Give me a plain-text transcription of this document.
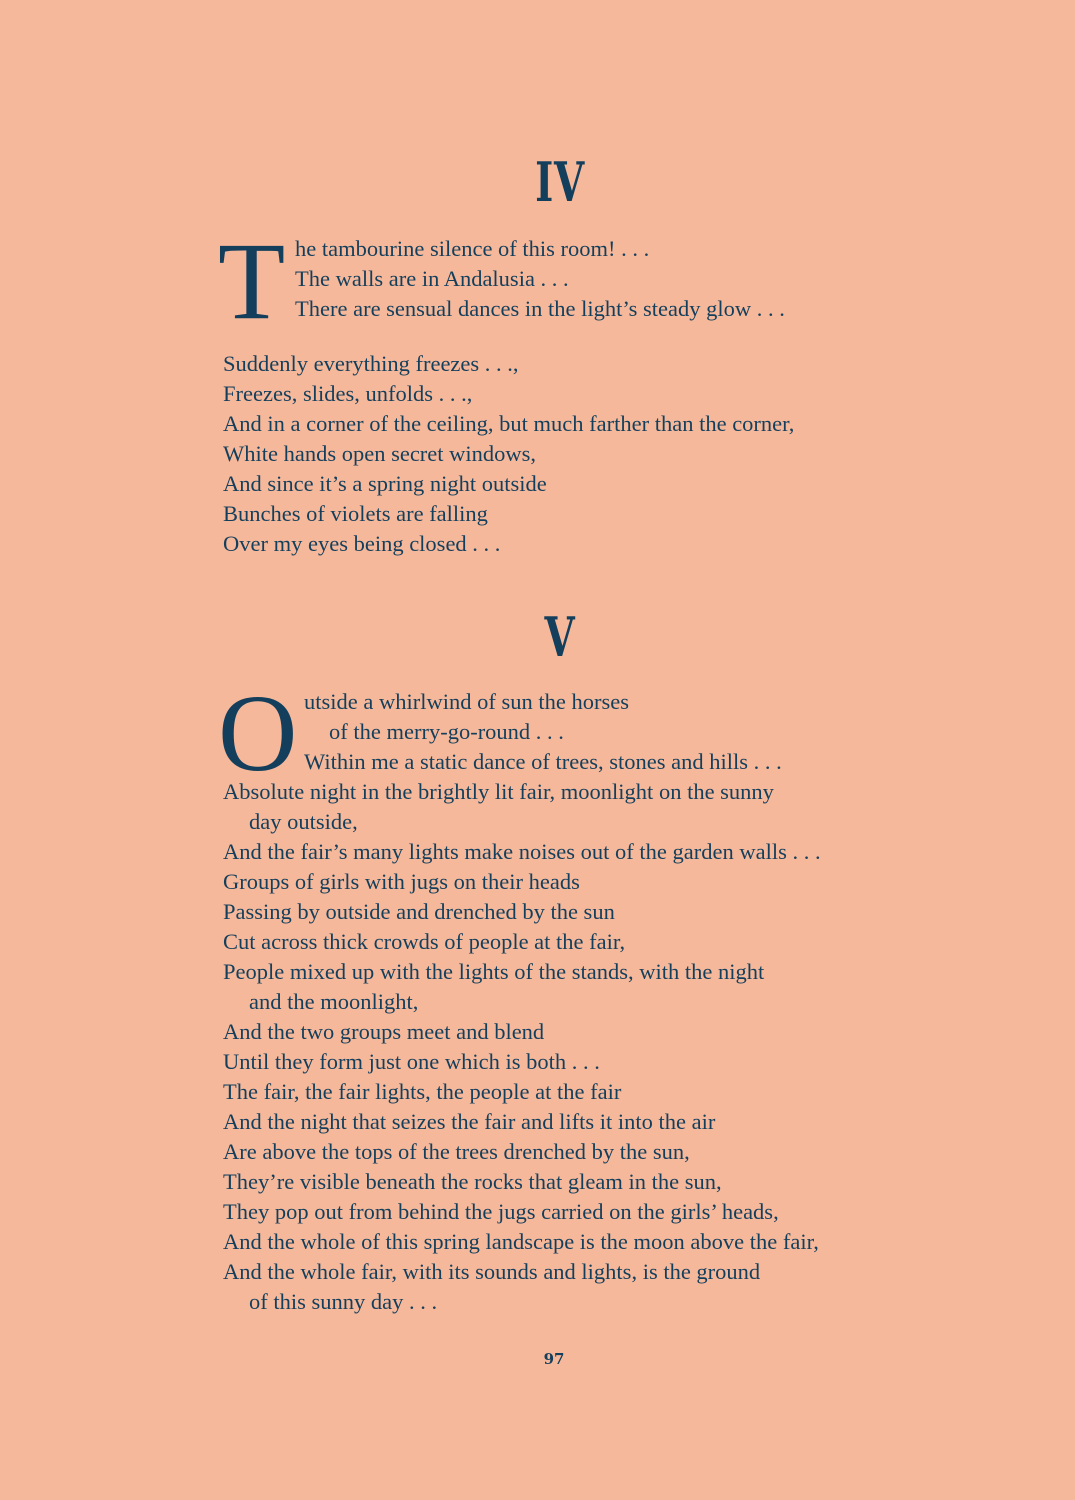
IV
T he tambourine silence of this room! . . .
The walls are in Andalusia . . .
There are sensual dances in the light’s steady glow . . .
Suddenly everything freezes . . .,
Freezes, slides, unfolds . . .,
And in a corner of the ceiling, but much farther than the corner,
White hands open secret windows,
And since it’s a spring night outside
Bunches of violets are falling
Over my eyes being closed . . .
V
O utside a whirlwind of sun the horses
of the merry-go-round . . .
Within me a static dance of trees, stones and hills . . .
Absolute night in the brightly lit fair, moonlight on the sunny
day outside,
And the fair’s many lights make noises out of the garden walls . . .
Groups of girls with jugs on their heads
Passing by outside and drenched by the sun
Cut across thick crowds of people at the fair,
People mixed up with the lights of the stands, with the night
and the moonlight,
And the two groups meet and blend
Until they form just one which is both . . .
The fair, the fair lights, the people at the fair
And the night that seizes the fair and lifts it into the air
Are above the tops of the trees drenched by the sun,
They’re visible beneath the rocks that gleam in the sun,
They pop out from behind the jugs carried on the girls’ heads,
And the whole of this spring landscape is the moon above the fair,
And the whole fair, with its sounds and lights, is the ground
of this sunny day . . .
97
